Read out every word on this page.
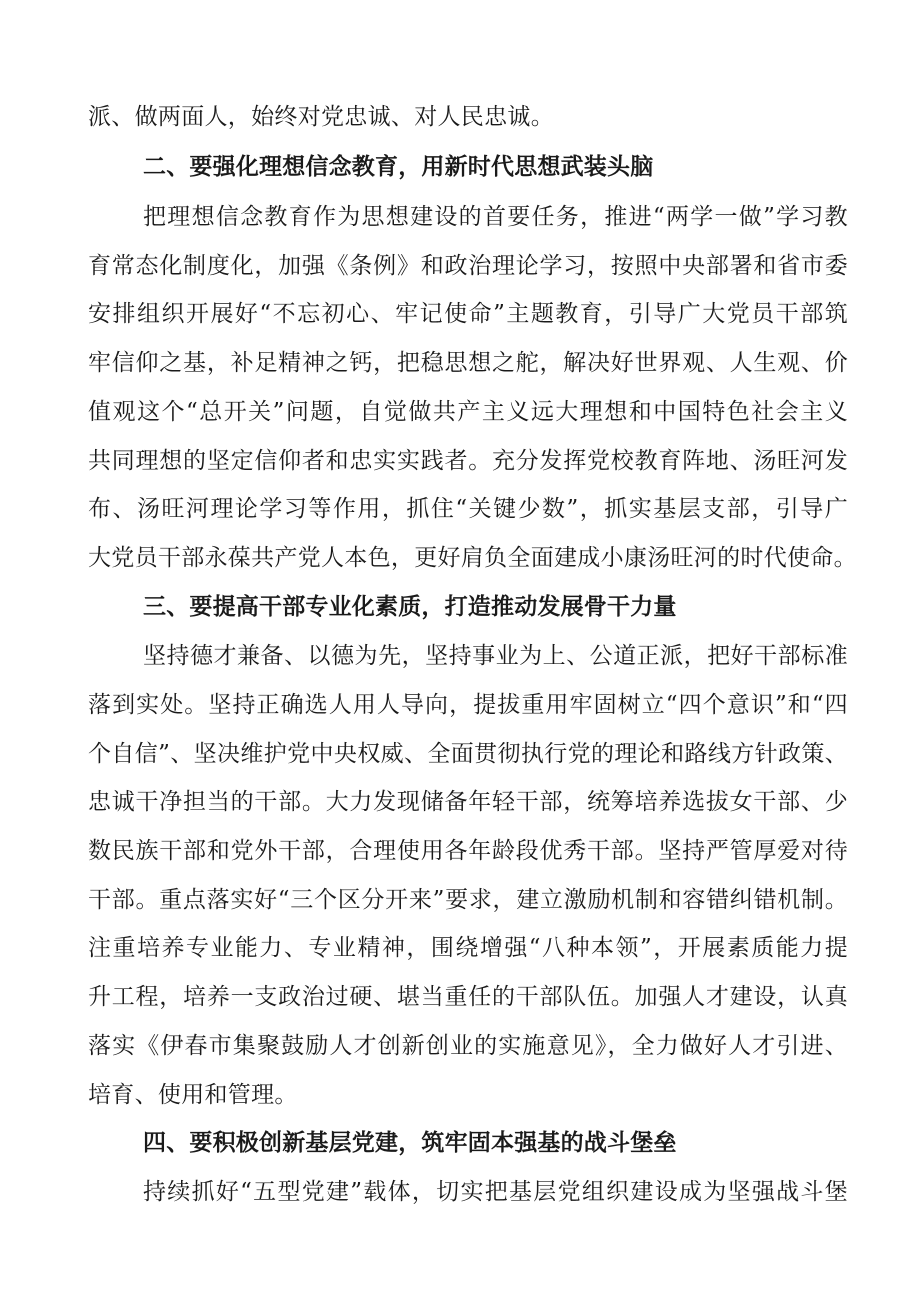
派、做两面人，始终对党忠诚、对人民忠诚。
二、要强化理想信念教育，用新时代思想武装头脑
把理想信念教育作为思想建设的首要任务，推进“两学一做”学习教
育常态化制度化，加强《条例》和政治理论学习，按照中央部署和省市委
安排组织开展好“不忘初心、牢记使命”主题教育，引导广大党员干部筑
牢信仰之基，补足精神之钙，把稳思想之舵，解决好世界观、人生观、价
值观这个“总开关”问题，自觉做共产主义远大理想和中国特色社会主义
共同理想的坚定信仰者和忠实实践者。充分发挥党校教育阵地、汤旺河发
布、汤旺河理论学习等作用，抓住“关键少数”，抓实基层支部，引导广
大党员干部永葆共产党人本色，更好肩负全面建成小康汤旺河的时代使命。
三、要提高干部专业化素质，打造推动发展骨干力量
坚持德才兼备、以德为先，坚持事业为上、公道正派，把好干部标准
落到实处。坚持正确选人用人导向，提拔重用牢固树立“四个意识”和“四
个自信”、坚决维护党中央权威、全面贯彻执行党的理论和路线方针政策、
忠诚干净担当的干部。大力发现储备年轻干部，统筹培养选拔女干部、少
数民族干部和党外干部，合理使用各年龄段优秀干部。坚持严管厚爱对待
干部。重点落实好“三个区分开来”要求，建立激励机制和容错纠错机制。
注重培养专业能力、专业精神，围绕增强“八种本领”，开展素质能力提
升工程，培养一支政治过硬、堪当重任的干部队伍。加强人才建设，认真
落实《伊春市集聚鼓励人才创新创业的实施意见》，全力做好人才引进、
培育、使用和管理。
四、要积极创新基层党建，筑牢固本强基的战斗堡垒
持续抓好“五型党建”载体，切实把基层党组织建设成为坚强战斗堡
